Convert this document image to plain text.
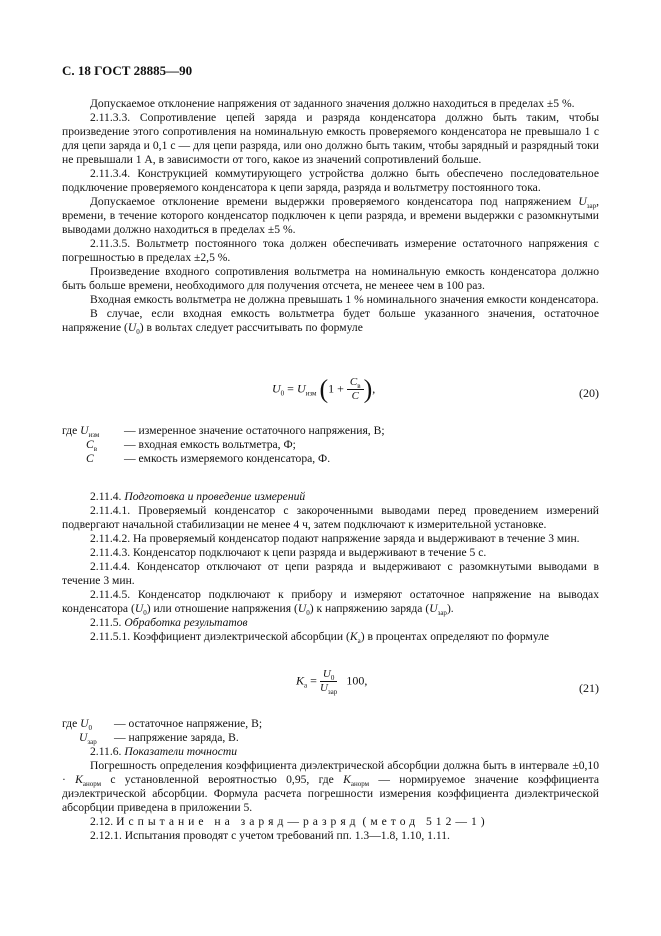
С. 18 ГОСТ 28885—90

Допускаемое отклонение напряжения от заданного значения должно находиться в пределах ±5 %.

2.11.3.3. Сопротивление цепей заряда и разряда конденсатора должно быть таким, чтобы произведение этого сопротивления на номинальную емкость проверяемого конденсатора не превышало 1 с для цепи заряда и 0,1 с — для цепи разряда, или оно должно быть таким, чтобы зарядный и разрядный токи не превышали 1 А, в зависимости от того, какое из значений сопротивлений больше.

2.11.3.4. Конструкцией коммутирующего устройства должно быть обеспечено последовательное подключение проверяемого конденсатора к цепи заряда, разряда и вольтметру постоянного тока.

Допускаемое отклонение времени выдержки проверяемого конденсатора под напряжением $U_{зар}$, времени, в течение которого конденсатор подключен к цепи разряда, и времени выдержки с разомкнутыми выводами должно находиться в пределах ±5 %.

2.11.3.5. Вольтметр постоянного тока должен обеспечивать измерение остаточного напряжения с погрешностью в пределах ±2,5 %.

Произведение входного сопротивления вольтметра на номинальную емкость конденсатора должно быть больше времени, необходимого для получения отсчета, не менеее чем в 100 раз.

Входная емкость вольтметра не должна превышать 1 % номинального значения емкости конденсатора.

В случае, если входная емкость вольтметра будет больше указанного значения, остаточное напряжение $(U_0)$ в вольтах следует рассчитывать по формуле

$U_0 = U_{изм}$ ($1 + \frac{C_в}{C}$ ),	(20)
где $U_{изм}$	— измеренное значение остаточного напряжения, В;
$C_в$	— входная емкость вольтметра, Ф;
C	— емкость измеряемого конденсатора, Ф.

2.11.4. Подготовка и проведение измерений

2.11.4.1. Проверяемый конденсатор с закороченными выводами перед проведением измерений подвергают начальной стабилизации не менее 4 ч, затем подключают к измерительной установке.

2.11.4.2. На проверяемый конденсатор подают напряжение заряда и выдерживают в течение 3 мин.

2.11.4.3. Конденсатор подключают к цепи разряда и выдерживают в течение 5 с.

2.11.4.4. Конденсатор отключают от цепи разряда и выдерживают с разомкнутыми выводами в течение 3 мин.

2.11.4.5. Конденсатор подключают к прибору и измеряют остаточное напряжение на выводах конденсатора $(U_0)$ или отношение напряжения $(U_0)$ к напряжению заряда $(U_{зар})$.

2.11.5. Обработка результатов

2.11.5.1. Коэффициент диэлектрической абсорбции $(K_а)$ в процентах определяют по формуле

$K_а = \frac{U_0}{U_{зар}} 100$,
(21)
где $U_0$	— остаточное напряжение, В;
$U_{зар}$	— напряжение заряда, В.

2.11.6. Показатели точности

Погрешность определения коэффициента диэлектрической абсорбции должна быть в интервале $\pm 0,10 \cdot K_{анорм}$ с установленной вероятностью 0,95, где $K_{анорм}$ — нормируемое значение коэффициента диэлектрической абсорбции. Формула расчета погрешности измерения коэффициента диэлектрической абсорбции приведена в приложении 5.

2.12. Испытание на заряд—разряд (метод 512—1)

2.12.1. Испытания проводят с учетом требований пп. 1.3—1.8, 1.10, 1.11.
